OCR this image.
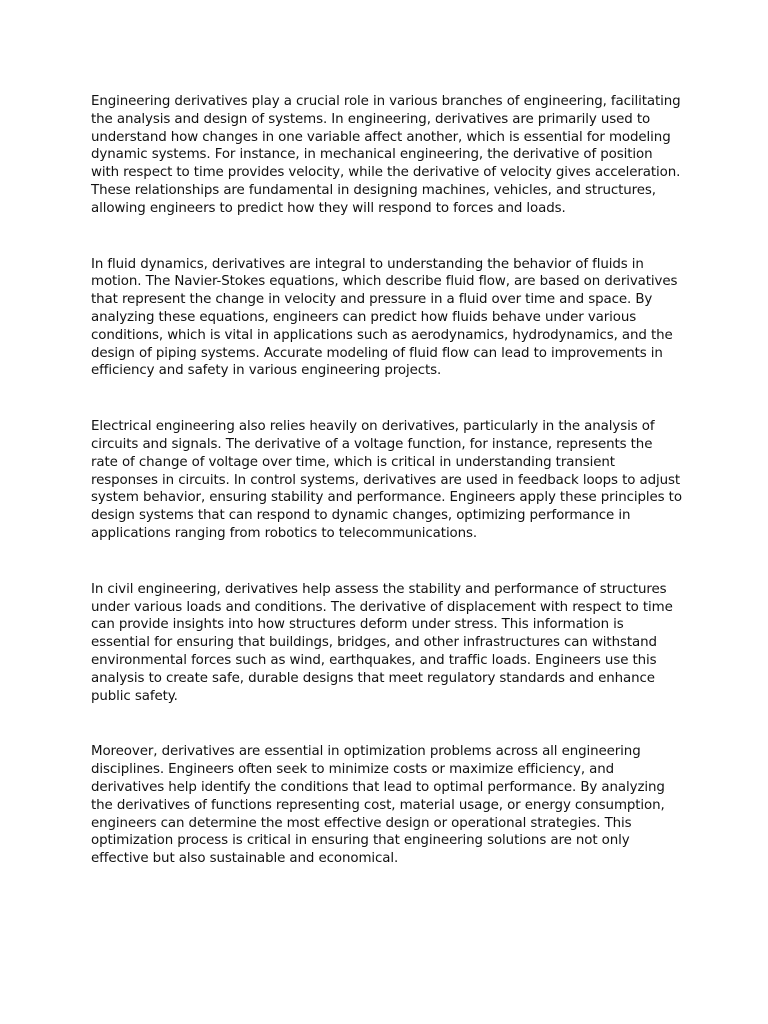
Engineering derivatives play a crucial role in various branches of engineering, facilitating the analysis and design of systems. In engineering, derivatives are primarily used to understand how changes in one variable affect another, which is essential for modeling dynamic systems. For instance, in mechanical engineering, the derivative of position with respect to time provides velocity, while the derivative of velocity gives acceleration. These relationships are fundamental in designing machines, vehicles, and structures, allowing engineers to predict how they will respond to forces and loads.

In fluid dynamics, derivatives are integral to understanding the behavior of fluids in motion. The Navier-Stokes equations, which describe fluid flow, are based on derivatives that represent the change in velocity and pressure in a fluid over time and space. By analyzing these equations, engineers can predict how fluids behave under various conditions, which is vital in applications such as aerodynamics, hydrodynamics, and the design of piping systems. Accurate modeling of fluid flow can lead to improvements in efficiency and safety in various engineering projects.

Electrical engineering also relies heavily on derivatives, particularly in the analysis of circuits and signals. The derivative of a voltage function, for instance, represents the rate of change of voltage over time, which is critical in understanding transient responses in circuits. In control systems, derivatives are used in feedback loops to adjust system behavior, ensuring stability and performance. Engineers apply these principles to design systems that can respond to dynamic changes, optimizing performance in applications ranging from robotics to telecommunications.

In civil engineering, derivatives help assess the stability and performance of structures under various loads and conditions. The derivative of displacement with respect to time can provide insights into how structures deform under stress. This information is essential for ensuring that buildings, bridges, and other infrastructures can withstand environmental forces such as wind, earthquakes, and traffic loads. Engineers use this analysis to create safe, durable designs that meet regulatory standards and enhance public safety.

Moreover, derivatives are essential in optimization problems across all engineering disciplines. Engineers often seek to minimize costs or maximize efficiency, and derivatives help identify the conditions that lead to optimal performance. By analyzing the derivatives of functions representing cost, material usage, or energy consumption, engineers can determine the most effective design or operational strategies. This optimization process is critical in ensuring that engineering solutions are not only effective but also sustainable and economical.
